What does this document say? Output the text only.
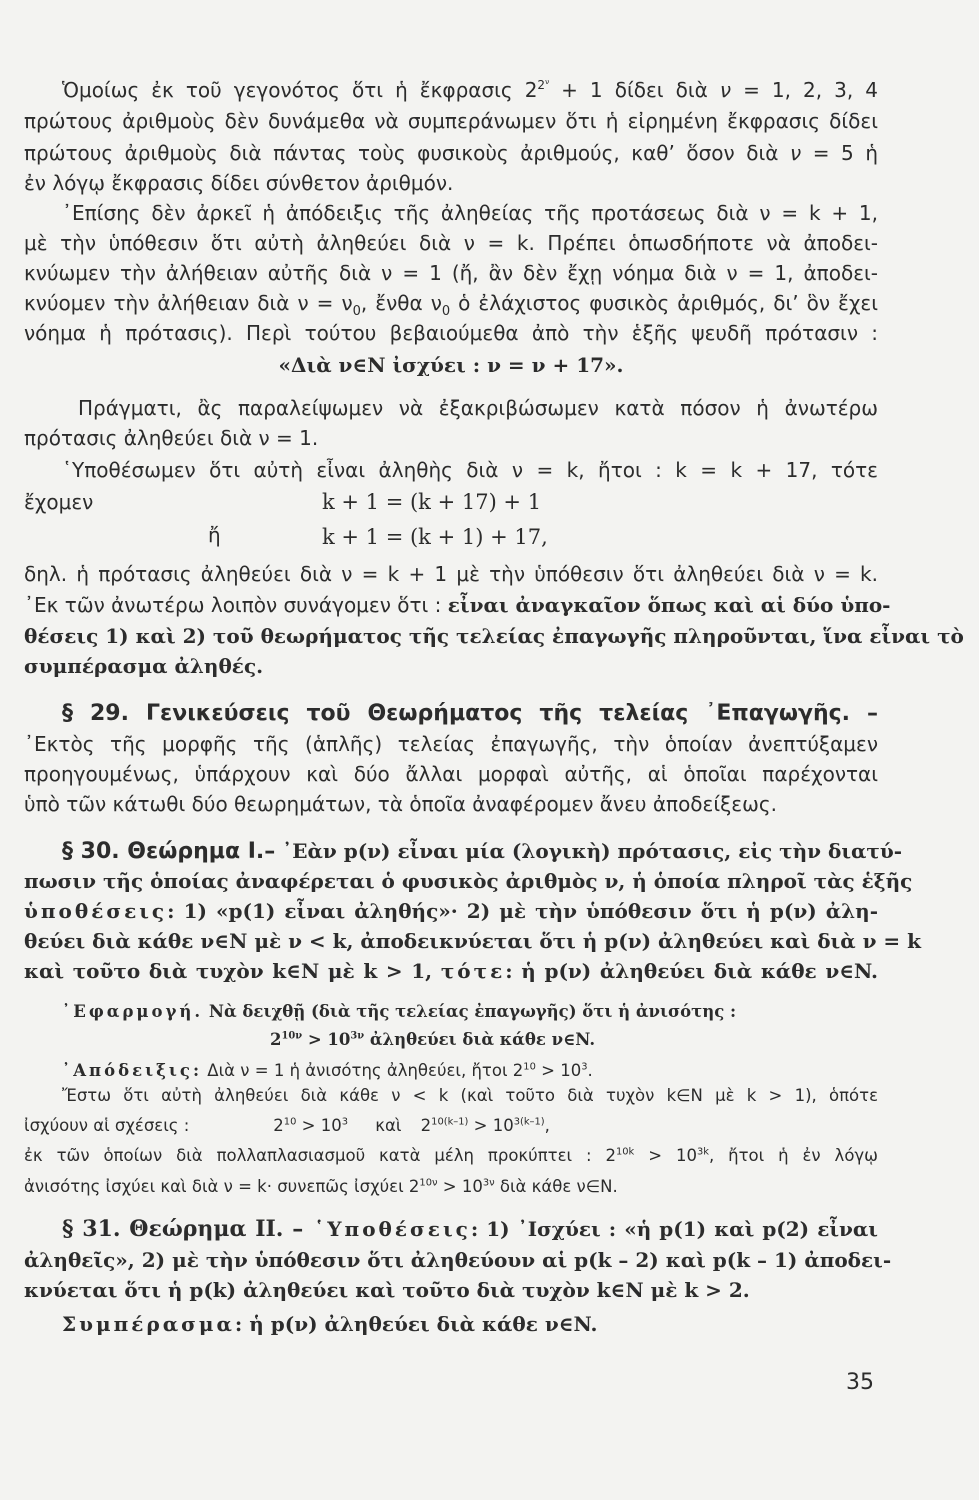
Ὁμοίως ἐκ τοῦ γεγονότος ὅτι ἡ ἔκφρασις $2^{2^\nu} + 1$ δίδει διὰ ν = 1, 2, 3, 4
πρώτους ἀριθμοὺς δὲν δυνάμεθα νὰ συμπεράνωμεν ὅτι ἡ εἰρημένη ἔκφρασις δίδει
πρώτους ἀριθμοὺς διὰ πάντας τοὺς φυσικοὺς ἀριθμούς, καθ’ ὅσον διὰ ν = 5 ἡ
ἐν λόγῳ ἔκφρασις δίδει σύνθετον ἀριθμόν.
᾿Επίσης δὲν ἀρκεῖ ἡ ἀπόδειξις τῆς ἀληθείας τῆς προτάσεως διὰ ν = k + 1,
μὲ τὴν ὑπόθεσιν ὅτι αὐτὴ ἀληθεύει διὰ ν = k. Πρέπει ὁπωσδήποτε νὰ ἀποδει-
κνύωμεν τὴν ἀλήθειαν αὐτῆς διὰ ν = 1 (ἤ, ἂν δὲν ἔχῃ νόημα διὰ ν = 1, ἀποδει-
κνύομεν τὴν ἀλήθειαν διὰ $\nu = \nu_0$, ἔνθα $\nu_0$ ὁ ἐλάχιστος φυσικὸς ἀριθμός, δι’ ὃν ἔχει
νόημα ἡ πρότασις). Περὶ τούτου βεβαιούμεθα ἀπὸ τὴν ἑξῆς ψευδῆ πρότασιν :
«Διὰ ν∈N ἰσχύει : ν = ν + 17».
Πράγματι, ἂς παραλείψωμεν νὰ ἐξακριβώσωμεν κατὰ πόσον ἡ ἀνωτέρω
πρότασις ἀληθεύει διὰ ν = 1.
῾Υποθέσωμεν ὅτι αὐτὴ εἶναι ἀληθὴς διὰ ν = k, ἤτοι : k = k + 17, τότε
ἔχομεν	k + 1 = (k + 17) + 1
ἤ	k + 1 = (k + 1) + 17,
δηλ. ἡ πρότασις ἀληθεύει διὰ ν = k + 1 μὲ τὴν ὑπόθεσιν ὅτι ἀληθεύει διὰ ν = k.
᾿Εκ τῶν ἀνωτέρω λοιπὸν συνάγομεν ὅτι : εἶναι ἀναγκαῖον ὅπως καὶ αἱ δύο ὑπο-
θέσεις 1) καὶ 2) τοῦ θεωρήματος τῆς τελείας ἐπαγωγῆς πληροῦνται, ἵνα εἶναι τὸ
συμπέρασμα ἀληθές.
§ 29. Γενικεύσεις τοῦ Θεωρήματος τῆς τελείας ᾿Επαγωγῆς. –
᾿Εκτὸς τῆς μορφῆς τῆς (ἁπλῆς) τελείας ἐπαγωγῆς, τὴν ὁποίαν ἀνεπτύξαμεν
προηγουμένως, ὑπάρχουν καὶ δύο ἄλλαι μορφαὶ αὐτῆς, αἱ ὁποῖαι παρέχονται
ὑπὸ τῶν κάτωθι δύο θεωρημάτων, τὰ ὁποῖα ἀναφέρομεν ἄνευ ἀποδείξεως.
§ 30. Θεώρημα Ι.– ᾿Εὰν p(ν) εἶναι μία (λογικὴ) πρότασις, εἰς τὴν διατύ-
πωσιν τῆς ὁποίας ἀναφέρεται ὁ φυσικὸς ἀριθμὸς ν, ἡ ὁποία πληροῖ τὰς ἑξῆς
ὑποθέσεις: 1) «p(1) εἶναι ἀληθής»· 2) μὲ τὴν ὑπόθεσιν ὅτι ἡ p(ν) ἀλη-
θεύει διὰ κάθε ν∈N μὲ ν < k, ἀποδεικνύεται ὅτι ἡ p(ν) ἀληθεύει καὶ διὰ ν = k
καὶ τοῦτο διὰ τυχὸν k∈N μὲ k > 1, τότε: ἡ p(ν) ἀληθεύει διὰ κάθε ν∈N.
᾿Εφαρμογή. Νὰ δειχθῇ (διὰ τῆς τελείας ἐπαγωγῆς) ὅτι ἡ ἀνισότης :
$2^{10\nu} > 10^{3\nu}$ ἀληθεύει διὰ κάθε ν∈N.
᾿Απόδειξις: Διὰ ν = 1 ἡ ἀνισότης ἀληθεύει, ἤτοι $2^{10} > 10^3$.
Ἔστω ὅτι αὐτὴ ἀληθεύει διὰ κάθε ν < k (καὶ τοῦτο διὰ τυχὸν k∈N μὲ k > 1), ὁπότε
ἰσχύουν αἱ σχέσεις :	$2^{10} > 10^3$ καὶ $2^{10(k-1)} > 10^{3(k-1)}$,
ἐκ τῶν ὁποίων διὰ πολλαπλασιασμοῦ κατὰ μέλη προκύπτει : $2^{10k} > 10^{3k}$, ἤτοι ἡ ἐν λόγῳ
ἀνισότης ἰσχύει καὶ διὰ ν = k· συνεπῶς ἰσχύει $2^{10\nu} > 10^{3\nu}$ διὰ κάθε ν∈N.
§ 31. Θεώρημα ΙΙ. – ῾Υποθέσεις: 1) ᾿Ισχύει : «ἡ p(1) καὶ p(2) εἶναι
ἀληθεῖς», 2) μὲ τὴν ὑπόθεσιν ὅτι ἀληθεύουν αἱ p(k – 2) καὶ p(k – 1) ἀποδει-
κνύεται ὅτι ἡ p(k) ἀληθεύει καὶ τοῦτο διὰ τυχὸν k∈N μὲ k > 2.
Συμπέρασμα: ἡ p(ν) ἀληθεύει διὰ κάθε ν∈N.
35
